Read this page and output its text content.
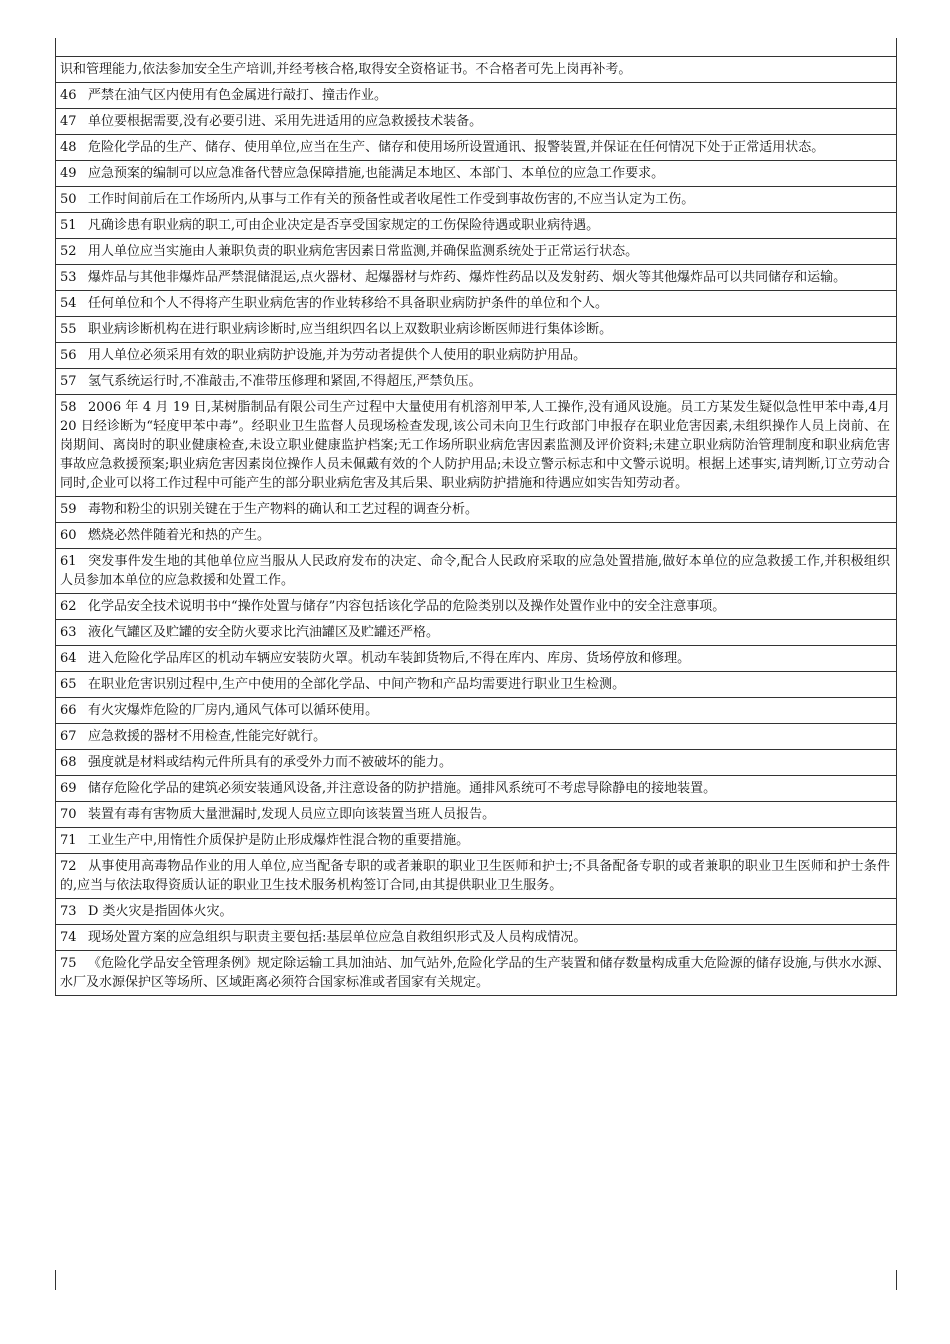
识和管理能力,依法参加安全生产培训,并经考核合格,取得安全资格证书。不合格者可先上岗再补考。
46 严禁在油气区内使用有色金属进行敲打、撞击作业。
47 单位要根据需要,没有必要引进、采用先进适用的应急救援技术装备。
48 危险化学品的生产、储存、使用单位,应当在生产、储存和使用场所设置通讯、报警装置,并保证在任何情况下处于正常适用状态。
49 应急预案的编制可以应急准备代替应急保障措施,也能满足本地区、本部门、本单位的应急工作要求。
50 工作时间前后在工作场所内,从事与工作有关的预备性或者收尾性工作受到事故伤害的,不应当认定为工伤。
51 凡确诊患有职业病的职工,可由企业决定是否享受国家规定的工伤保险待遇或职业病待遇。
52 用人单位应当实施由人兼职负责的职业病危害因素日常监测,并确保监测系统处于正常运行状态。
53 爆炸品与其他非爆炸品严禁混储混运,点火器材、起爆器材与炸药、爆炸性药品以及发射药、烟火等其他爆炸品可以共同储存和运输。
54 任何单位和个人不得将产生职业病危害的作业转移给不具备职业病防护条件的单位和个人。
55 职业病诊断机构在进行职业病诊断时,应当组织四名以上双数职业病诊断医师进行集体诊断。
56 用人单位必须采用有效的职业病防护设施,并为劳动者提供个人使用的职业病防护用品。
57 氢气系统运行时,不准敲击,不准带压修理和紧固,不得超压,严禁负压。
58 2006 年 4 月 19 日,某树脂制品有限公司生产过程中大量使用有机溶剂甲苯,人工操作,没有通风设施。员工方某发生疑似急性甲苯中毒,4月 20 日经诊断为“轻度甲苯中毒”。经职业卫生监督人员现场检查发现,该公司未向卫生行政部门申报存在职业危害因素,未组织操作人员上岗前、在岗期间、离岗时的职业健康检查,未设立职业健康监护档案;无工作场所职业病危害因素监测及评价资料;未建立职业病防治管理制度和职业病危害事故应急救援预案;职业病危害因素岗位操作人员未佩戴有效的个人防护用品;未设立警示标志和中文警示说明。根据上述事实,请判断,订立劳动合同时,企业可以将工作过程中可能产生的部分职业病危害及其后果、职业病防护措施和待遇应如实告知劳动者。
59 毒物和粉尘的识别关键在于生产物料的确认和工艺过程的调查分析。
60 燃烧必然伴随着光和热的产生。
61 突发事件发生地的其他单位应当服从人民政府发布的决定、命令,配合人民政府采取的应急处置措施,做好本单位的应急救援工作,并积极组织人员参加本单位的应急救援和处置工作。
62 化学品安全技术说明书中“操作处置与储存”内容包括该化学品的危险类别以及操作处置作业中的安全注意事项。
63 液化气罐区及贮罐的安全防火要求比汽油罐区及贮罐还严格。
64 进入危险化学品库区的机动车辆应安装防火罩。机动车装卸货物后,不得在库内、库房、货场停放和修理。
65 在职业危害识别过程中,生产中使用的全部化学品、中间产物和产品均需要进行职业卫生检测。
66 有火灾爆炸危险的厂房内,通风气体可以循环使用。
67 应急救援的器材不用检查,性能完好就行。
68 强度就是材料或结构元件所具有的承受外力而不被破坏的能力。
69 储存危险化学品的建筑必须安装通风设备,并注意设备的防护措施。通排风系统可不考虑导除静电的接地装置。
70 装置有毒有害物质大量泄漏时,发现人员应立即向该装置当班人员报告。
71 工业生产中,用惰性介质保护是防止形成爆炸性混合物的重要措施。
72 从事使用高毒物品作业的用人单位,应当配备专职的或者兼职的职业卫生医师和护士;不具备配备专职的或者兼职的职业卫生医师和护士条件的,应当与依法取得资质认证的职业卫生技术服务机构签订合同,由其提供职业卫生服务。
73 D 类火灾是指固体火灾。
74 现场处置方案的应急组织与职责主要包括:基层单位应急自救组织形式及人员构成情况。
75 《危险化学品安全管理条例》规定除运输工具加油站、加气站外,危险化学品的生产装置和储存数量构成重大危险源的储存设施,与供水水源、水厂及水源保护区等场所、区域距离必须符合国家标准或者国家有关规定。
